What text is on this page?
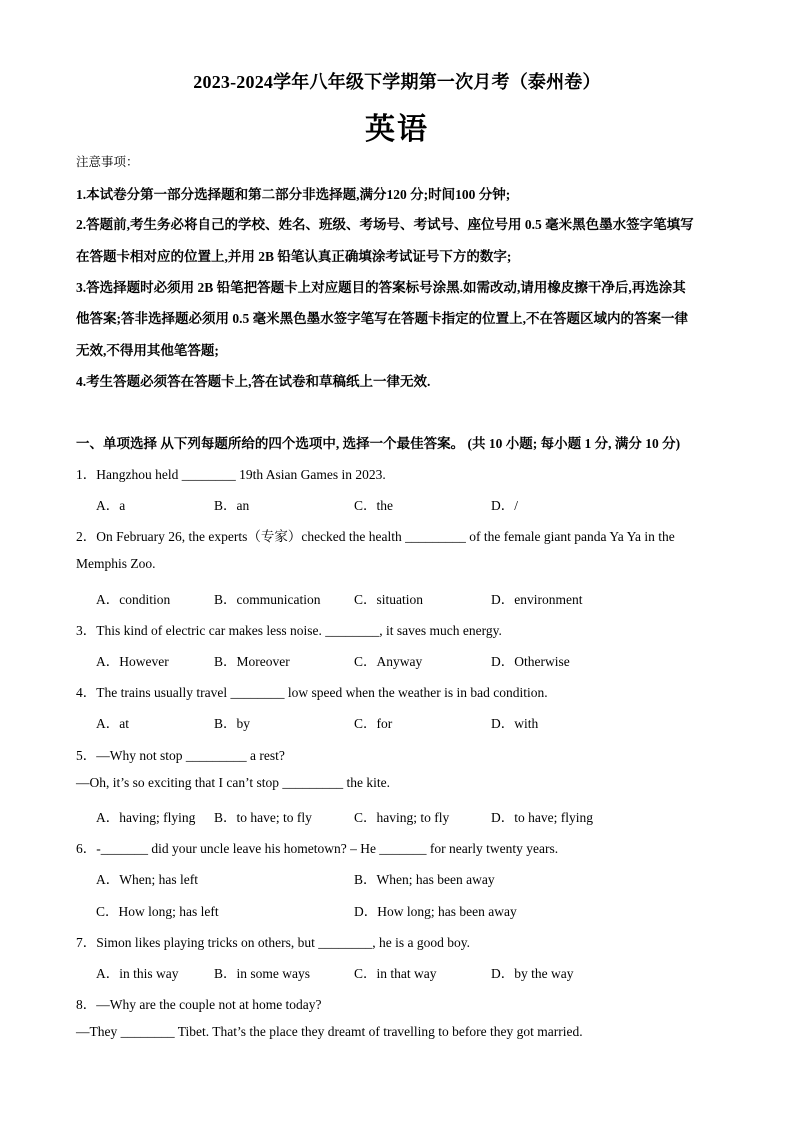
2023-2024学年八年级下学期第一次月考（泰州卷）
英语
注意事项：
1.本试卷分第一部分选择题和第二部分非选择题,满分120 分;时间100 分钟;
2.答题前,考生务必将自己的学校、姓名、班级、考场号、考试号、座位号用 0.5 毫米黑色墨水签字笔填写
在答题卡相对应的位置上,并用 2B 铅笔认真正确填涂考试证号下方的数字;
3.答选择题时必须用 2B 铅笔把答题卡上对应题目的答案标号涂黑.如需改动,请用橡皮擦干净后,再选涂其
他答案;答非选择题必须用 0.5 毫米黑色墨水签字笔写在答题卡指定的位置上,不在答题区域内的答案一律
无效,不得用其他笔答题;
4.考生答题必须答在答题卡上,答在试卷和草稿纸上一律无效.
一、单项选择 从下列每题所给的四个选项中, 选择一个最佳答案。 (共 10 小题; 每小题 1 分, 满分 10 分)
1．Hangzhou held ________ 19th Asian Games in 2023.
A．a	B．an	C．the	D．/
2．On February 26, the experts（专家）checked the health _________ of the female giant panda Ya Ya in the
Memphis Zoo.
A．condition	B．communication C．situation	D．environment
3．This kind of electric car makes less noise. ________, it saves much energy.
A．However	B．Moreover	C．Anyway	D．Otherwise
4．The trains usually travel ________ low speed when the weather is in bad condition.
A．at	B．by	C．for	D．with
5．—Why not stop _________ a rest?
—Oh, it’s so exciting that I can’t stop _________ the kite.
A．having; flying B．to have; to fly	C．having; to fly	D．to have; flying
6．-_______ did your uncle leave his hometown? – He _______ for nearly twenty years.
A．When; has left	B．When; has been away
C．How long; has left	D．How long; has been away
7．Simon likes playing tricks on others, but ________, he is a good boy.
A．in this way	B．in some ways	C．in that way	D．by the way
8．—Why are the couple not at home today?
—They ________ Tibet. That’s the place they dreamt of travelling to before they got married.
